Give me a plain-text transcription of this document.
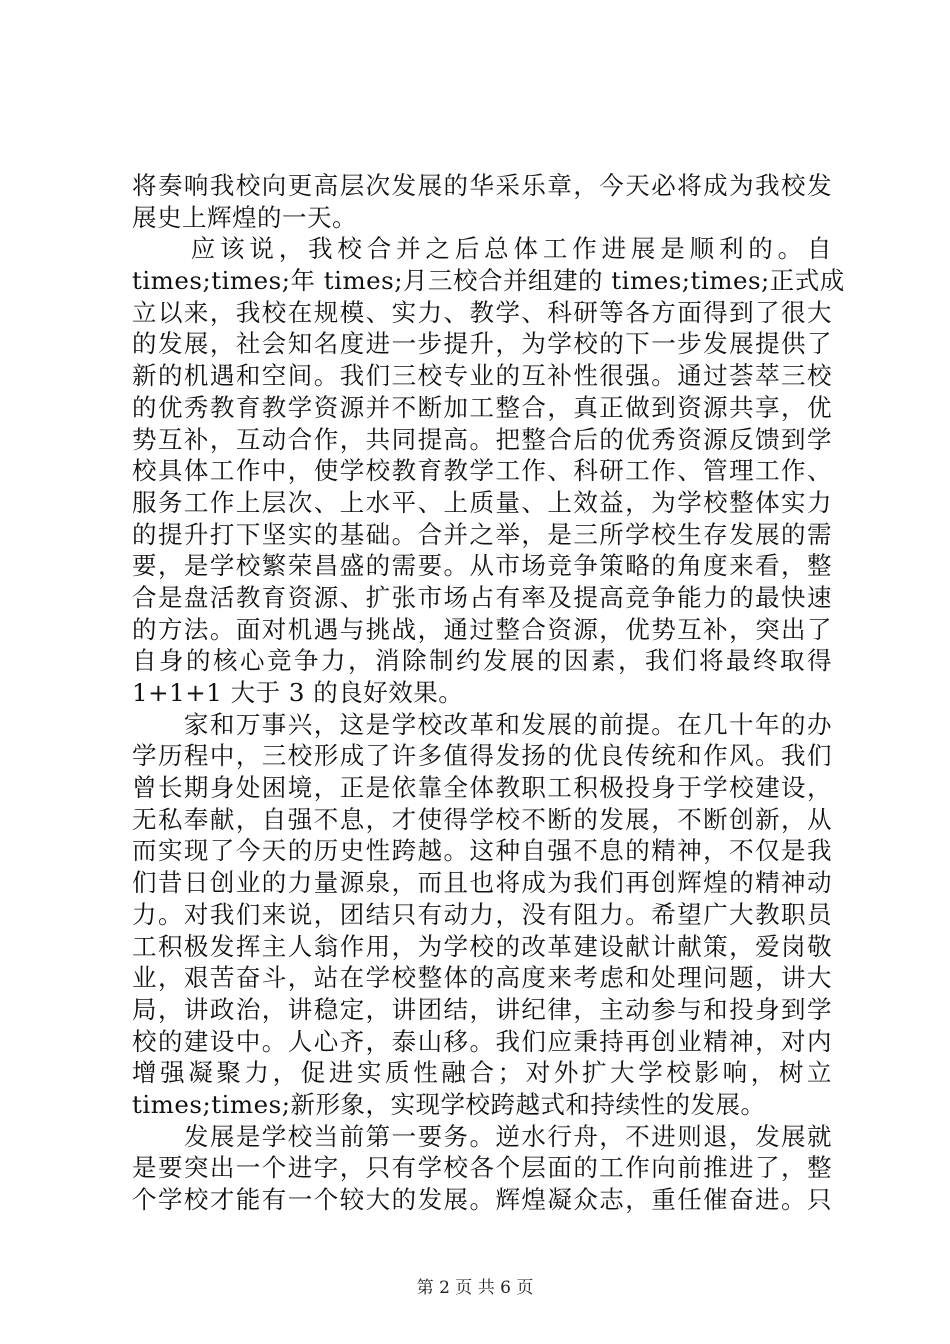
将奏响我校向更高层次发展的华采乐章，今天必将成为我校发
展史上辉煌的一天。
　　应该说，我校合并之后总体工作进展是顺利的。自
times;times;年 times;月三校合并组建的 times;times;正式成
立以来，我校在规模、实力、教学、科研等各方面得到了很大
的发展，社会知名度进一步提升，为学校的下一步发展提供了
新的机遇和空间。我们三校专业的互补性很强。通过荟萃三校
的优秀教育教学资源并不断加工整合，真正做到资源共享，优
势互补，互动合作，共同提高。把整合后的优秀资源反馈到学
校具体工作中，使学校教育教学工作、科研工作、管理工作、
服务工作上层次、上水平、上质量、上效益，为学校整体实力
的提升打下坚实的基础。合并之举，是三所学校生存发展的需
要，是学校繁荣昌盛的需要。从市场竞争策略的角度来看，整
合是盘活教育资源、扩张市场占有率及提高竞争能力的最快速
的方法。面对机遇与挑战，通过整合资源，优势互补，突出了
自身的核心竞争力，消除制约发展的因素，我们将最终取得
1+1+1 大于 3 的良好效果。
　　家和万事兴，这是学校改革和发展的前提。在几十年的办
学历程中，三校形成了许多值得发扬的优良传统和作风。我们
曾长期身处困境，正是依靠全体教职工积极投身于学校建设，
无私奉献，自强不息，才使得学校不断的发展，不断创新，从
而实现了今天的历史性跨越。这种自强不息的精神，不仅是我
们昔日创业的力量源泉，而且也将成为我们再创辉煌的精神动
力。对我们来说，团结只有动力，没有阻力。希望广大教职员
工积极发挥主人翁作用，为学校的改革建设献计献策，爱岗敬
业，艰苦奋斗，站在学校整体的高度来考虑和处理问题，讲大
局，讲政治，讲稳定，讲团结，讲纪律，主动参与和投身到学
校的建设中。人心齐，泰山移。我们应秉持再创业精神，对内
增强凝聚力，促进实质性融合；对外扩大学校影响，树立
times;times;新形象，实现学校跨越式和持续性的发展。
　　发展是学校当前第一要务。逆水行舟，不进则退，发展就
是要突出一个进字，只有学校各个层面的工作向前推进了，整
个学校才能有一个较大的发展。辉煌凝众志，重任催奋进。只
第 2 页 共 6 页
